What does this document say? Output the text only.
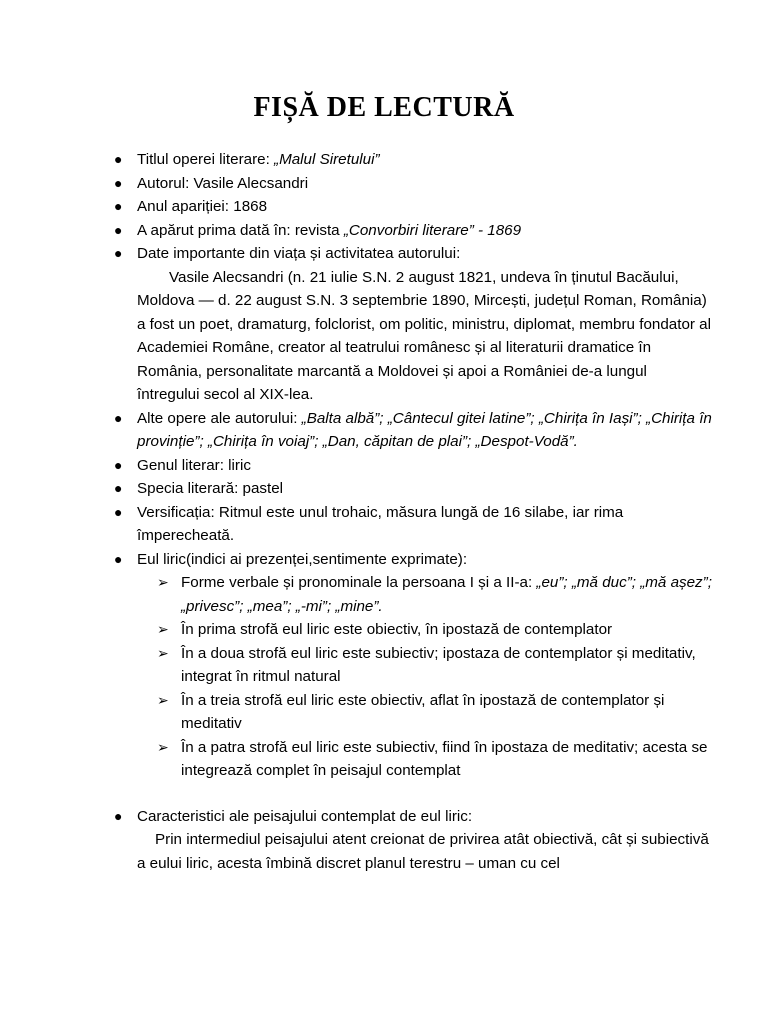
FIȘĂ DE LECTURĂ
● Titlul operei literare: „Malul Siretului”
● Autorul: Vasile Alecsandri
● Anul apariției: 1868
● A apărut prima dată în: revista „Convorbiri literare” - 1869
● Date importante din viața și activitatea autorului:
Vasile Alecsandri (n. 21 iulie S.N. 2 august 1821, undeva în ținutul Bacăului, Moldova — d. 22 august S.N. 3 septembrie 1890, Mircești, județul Roman, România) a fost un poet, dramaturg, folclorist, om politic, ministru, diplomat, membru fondator al Academiei Române, creator al teatrului românesc și al literaturii dramatice în România, personalitate marcantă a Moldovei și apoi a României de-a lungul întregului secol al XIX-lea.
● Alte opere ale autorului: „Balta albă”; „Cântecul gitei latine”; „Chirița în Iași”; „Chirița în provinție”; „Chirița în voiaj”; „Dan, căpitan de plai”; „Despot-Vodă”.
● Genul literar: liric
● Specia literară: pastel
● Versificația: Ritmul este unul trohaic, măsura lungă de 16 silabe, iar rima împerecheată.
● Eul liric(indici ai prezenței,sentimente exprimate):
➢ Forme verbale și pronominale la persoana I și a II-a: „eu”; „mă duc”; „mă așez”; „privesc”; „mea”; „-mi”; „mine”.
➢ În prima strofă eul liric este obiectiv, în ipostază de contemplator
➢ În a doua strofă eul liric este subiectiv; ipostaza de contemplator și meditativ, integrat în ritmul natural
➢ În a treia strofă eul liric este obiectiv, aflat în ipostază de contemplator și meditativ
➢ În a patra strofă eul liric este subiectiv, fiind în ipostaza de meditativ; acesta se integrează complet în peisajul contemplat
● Caracteristici ale peisajului contemplat de eul liric:
Prin intermediul peisajului atent creionat de privirea atât obiectivă, cât și subiectivă a eului liric, acesta îmbină discret planul terestru – uman cu cel
